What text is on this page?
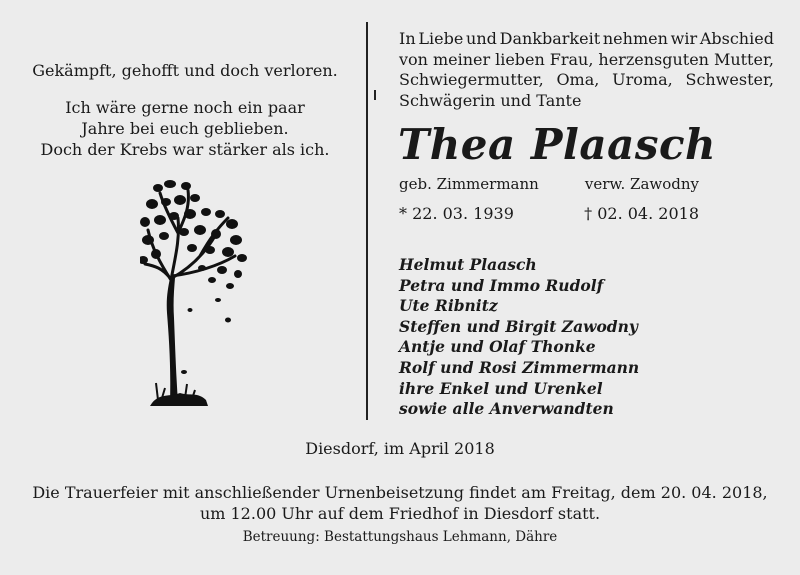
Gekämpft, gehofft und doch verloren.
Ich wäre gerne noch ein paar
Jahre bei euch geblieben.
Doch der Krebs war stärker als ich.
In Liebe und Dankbarkeit nehmen wir Abschied
von meiner lieben Frau, herzensguten Mutter,
Schwiegermutter, Oma, Uroma, Schwester,
Schwägerin und Tante
Thea Plaasch
geb. Zimmermann	verw. Zawodny
* 22. 03. 1939	† 02. 04. 2018
Helmut Plaasch
Petra und Immo Rudolf
Ute Ribnitz
Steffen und Birgit Zawodny
Antje und Olaf Thonke
Rolf und Rosi Zimmermann
ihre Enkel und Urenkel
sowie alle Anverwandten
Diesdorf, im April 2018
Die Trauerfeier mit anschließender Urnenbeisetzung findet am Freitag, dem 20. 04. 2018,
um 12.00 Uhr auf dem Friedhof in Diesdorf statt.
Betreuung: Bestattungshaus Lehmann, Dähre
